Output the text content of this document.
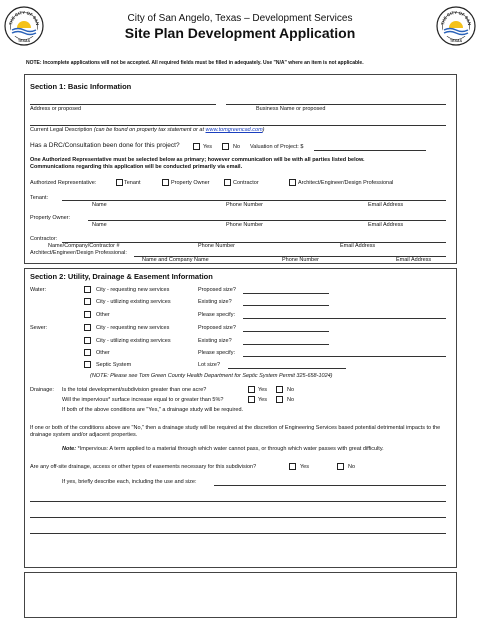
THE CITY OF SAN
TEXAS
THE CITY OF SAN
TEXAS
City of San Angelo, Texas – Development Services
Site Plan Development Application
NOTE: Incomplete applications will not be accepted. All required fields must be filled in adequately. Use "N/A" where an item is not applicable.
Section 1: Basic Information
Address or proposed	Business Name or proposed
Current Legal Description (can be found on property tax statement or at www.tomgreencad.com)
Has a DRC/Consultation been done for this project?	Yes	No Valuation of Project: $
One Authorized Representative must be selected below as primary; however communication will be with all parties listed below.
Communications regarding this application will be conducted primarily via email.
Authorized Representative:	Tenant	Property Owner	Contractor	Architect/Engineer/Design Professional
Tenant:
Name	Phone Number	Email Address
Property Owner:
Name	Phone Number	Email Address
Contractor:
Name/Company/Contractor #	Phone Number	Email Address
Architect/Engineer/Design Professional:
Name and Company Name	Phone Number	Email Address
Section 2: Utility, Drainage & Easement Information
Water:	City - requesting new services	Proposed size?
City - utilizing existing services	Existing size?
Other	Please specify:
Sewer:	City - requesting new services	Proposed size?
City - utilizing existing services	Existing size?
Other	Please specify:
Septic System	Lot size?
(NOTE: Please see Tom Green County Health Department for Septic System Permit 325-658-1024)
Drainage: Is the total development/subdivision greater than one acre?	Yes	No
Will the impervious* surface increase equal to or greater than 5%?	Yes	No
If both of the above conditions are "Yes," a drainage study will be required.
If one or both of the conditions above are "No," then a drainage study will be required at the discretion of Engineering Services based potential detrimental impacts to the drainage system and/or adjacent properties.
Note: *Impervious: A term applied to a material through which water cannot pass, or through which water passes with great difficulty.
Are any off-site drainage, access or other types of easements necessary for this subdivision?	Yes	No
If yes, briefly describe each, including the use and size:
